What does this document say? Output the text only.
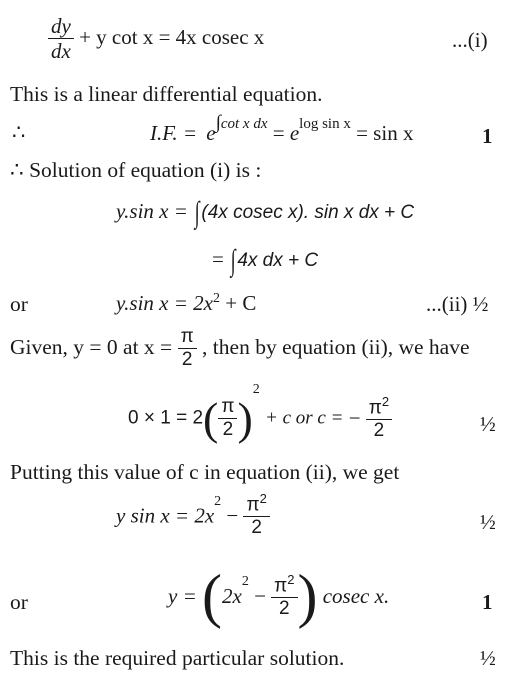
$\frac{dy}{dx} + y$ cot x = 4x cosec x	...(i)
This is a linear differential equation.
∴	I.F. = $e^{\int cot x dx} = e^{log sin x} = \sin x$	1
∴ Solution of equation (i) is :
y.sin x = ∫(4x cosec x). sin x dx + C
= ∫4x dx + C
or	y.sin $x = 2x^2 + C$	...(ii) ½
Given, y = 0 at $x = \frac{\pi}{2}$ , then by equation (ii), we have
$0 \times 1 = 2( \frac{\pi}{2} )^2 + c$ or c = − $\frac{\pi^2}{2}$	½
Putting this value of c in equation (ii), we get
y $\sin x = 2x^2 - \frac{\pi^2}{2}$	½
or	$y = (2x^2 - \frac{\pi^2}{2}$ ) cosec x.	1
This is the required particular solution.	½
